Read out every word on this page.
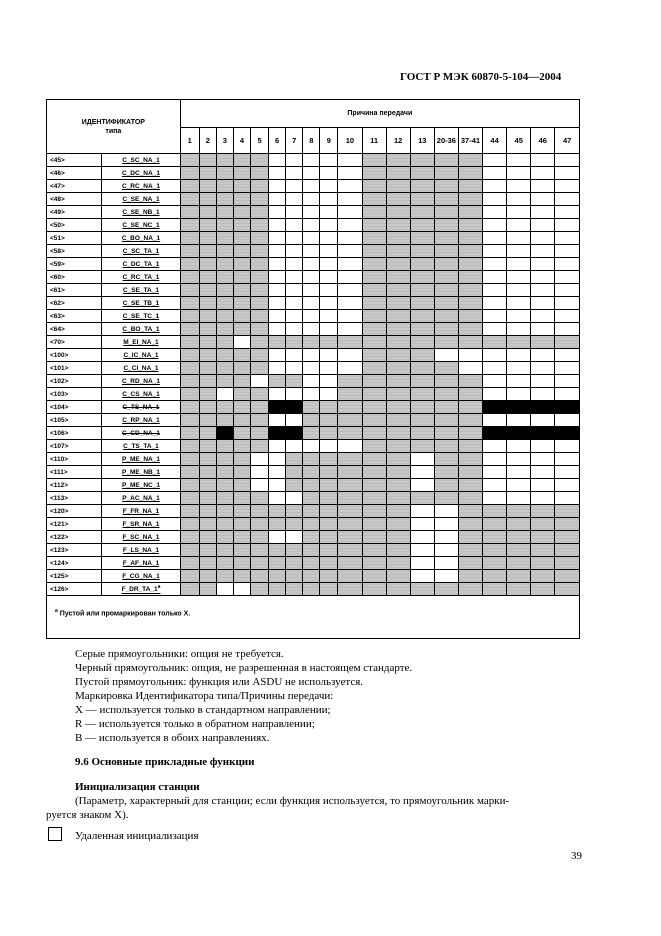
ГОСТ Р МЭК 60870-5-104—2004
ИДЕНТИФИКАТОР
типа		Причина передачи																		
		1	2	3	4	5	6	7	8	9	10	11	12	13	20-36	37-41	44	45	46	47
<45>	C_SC_NA_1																			
<46>	C_DC_NA_1																			
<47>	C_RC_NA_1																			
<48>	C_SE_NA_1																			
<49>	C_SE_NB_1																			
<50>	C_SE_NC_1																			
<51>	C_BO_NA_1																			
<58>	C_SC_TA_1																			
<59>	C_DC_TA_1																			
<60>	C_RC_TA_1																			
<61>	C_SE_TA_1																			
<62>	C_SE_TB_1																			
<63>	C_SE_TC_1																			
<64>	C_BO_TA_1																			
<70>	M_EI_NA_1																			
<100>	C_IC_NA_1																			
<101>	C_CI_NA_1																			
<102>	C_RD_NA_1																			
<103>	C_CS_NA_1																			
<104>	C_TS_NA_1																			
<105>	C_RP_NA_1																			
<106>	C_CD_NA_1																			
<107>	C_TS_TA_1																			
<110>	P_ME_NA_1																			
<111>	P_ME_NB_1																			
<112>	P_ME_NC_1																			
<113>	P_AC_NA_1																			
<120>	F_FR_NA_1																			
<121>	F_SR_NA_1																			
<122>	F_SC_NA_1																			
<123>	F_LS_NA_1																			
<124>	F_AF_NA_1																			
<125>	F_CG_NA_1																			
<126>	$F\_DR\_TA\_1^a$																			
$^a$ Пустой или промаркирован только X.																				
Серые прямоугольники: опция не требуется.
Черный прямоугольник: опция, не разрешенная в настоящем стандарте.
Пустой прямоугольник: функция или ASDU не используется.
Маркировка Идентификатора типа/Причины передачи:
X — используется только в стандартном направлении;
R — используется только в обратном направлении;
B — используется в обоих направлениях.
9.6 Основные прикладные функции
Инициализация станции
(Параметр, характерный для станции; если функция используется, то прямоугольник марки-
руется знаком X).
Удаленная инициализация
39
